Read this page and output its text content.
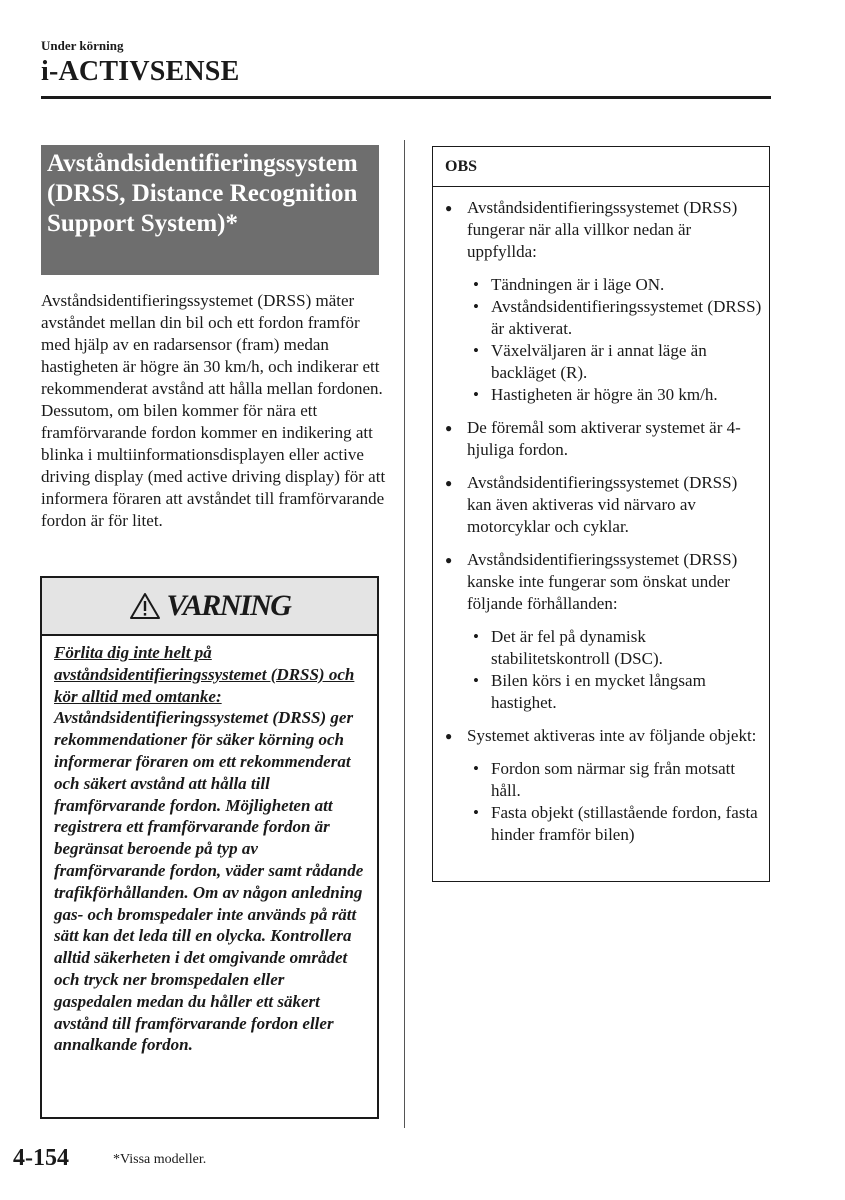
Under körning
i-ACTIVSENSE
Avståndsidentifieringssystem (DRSS, Distance Recognition Support System)*

Avståndsidentifieringssystemet (DRSS) mäter avståndet mellan din bil och ett fordon framför med hjälp av en radarsensor (fram) medan hastigheten är högre än 30 km/h, och indikerar ett rekommenderat avstånd att hålla mellan fordonen. Dessutom, om bilen kommer för nära ett framförvarande fordon kommer en indikering att blinka i multiinformationsdisplayen eller active driving display (med active driving display) för att informera föraren att avståndet till framförvarande fordon är för litet.

VARNING
Förlita dig inte helt på avståndsidentifieringssystemet (DRSS) och kör alltid med omtanke:
Avståndsidentifieringssystemet (DRSS) ger rekommendationer för säker körning och informerar föraren om ett rekommenderat och säkert avstånd att hålla till framförvarande fordon. Möjligheten att registrera ett framförvarande fordon är begränsat beroende på typ av framförvarande fordon, väder samt rådande trafikförhållanden. Om av någon anledning gas- och bromspedaler inte används på rätt sätt kan det leda till en olycka. Kontrollera alltid säkerheten i det omgivande området och tryck ner bromspedalen eller gaspedalen medan du håller ett säkert avstånd till framförvarande fordon eller annalkande fordon.
OBS
● Avståndsidentifieringssystemet (DRSS) fungerar när alla villkor nedan är uppfyllda:
• Tändningen är i läge ON.
• Avståndsidentifieringssystemet (DRSS) är aktiverat.
• Växelväljaren är i annat läge än backläget (R).
• Hastigheten är högre än 30 km/h.
● De föremål som aktiverar systemet är 4-hjuliga fordon.
● Avståndsidentifieringssystemet (DRSS) kan även aktiveras vid närvaro av motorcyklar och cyklar.
● Avståndsidentifieringssystemet (DRSS) kanske inte fungerar som önskat under följande förhållanden:
• Det är fel på dynamisk stabilitetskontroll (DSC).
• Bilen körs i en mycket långsam hastighet.
● Systemet aktiveras inte av följande objekt:
• Fordon som närmar sig från motsatt håll.
• Fasta objekt (stillastående fordon, fasta hinder framför bilen)
4-154	*Vissa modeller.
